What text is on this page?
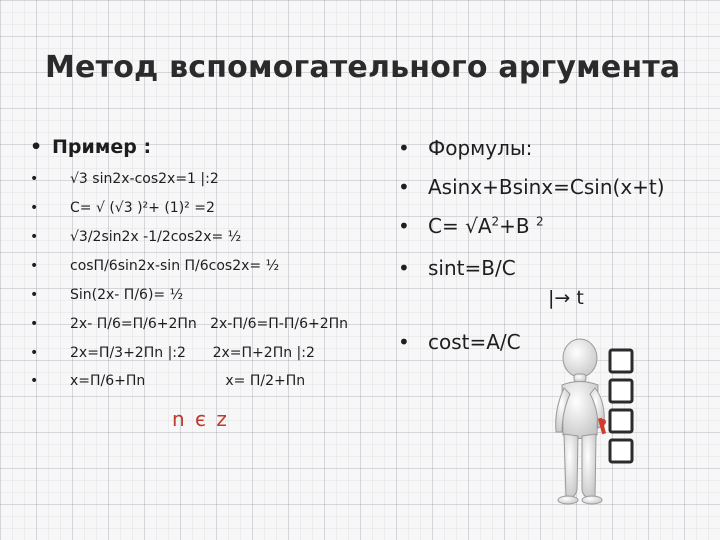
Метод вспомогательного аргумента
• Пример :
• √3 sin2x-cos2x=1 |:2
• C= √ (√3 )²+ (1)² =2
• √3/2sin2x -1/2cos2x= ½
• cosП/6sin2x-sin П/6cos2x= ½
• Sin(2x- П/6)= ½
• 2x- П/6=П/6+2Пn   2x-П/6=П-П/6+2Пn
• 2x=П/3+2Пn |:2      2x=П+2Пn |:2
• x=П/6+Пn                  x= П/2+Пn
n є z
• Формулы:
• Asinx+Bsinx=Csin(x+t)
• $C= √A^2+B$ $^2$
• sint=B/C
|→ t
• cost=A/C
